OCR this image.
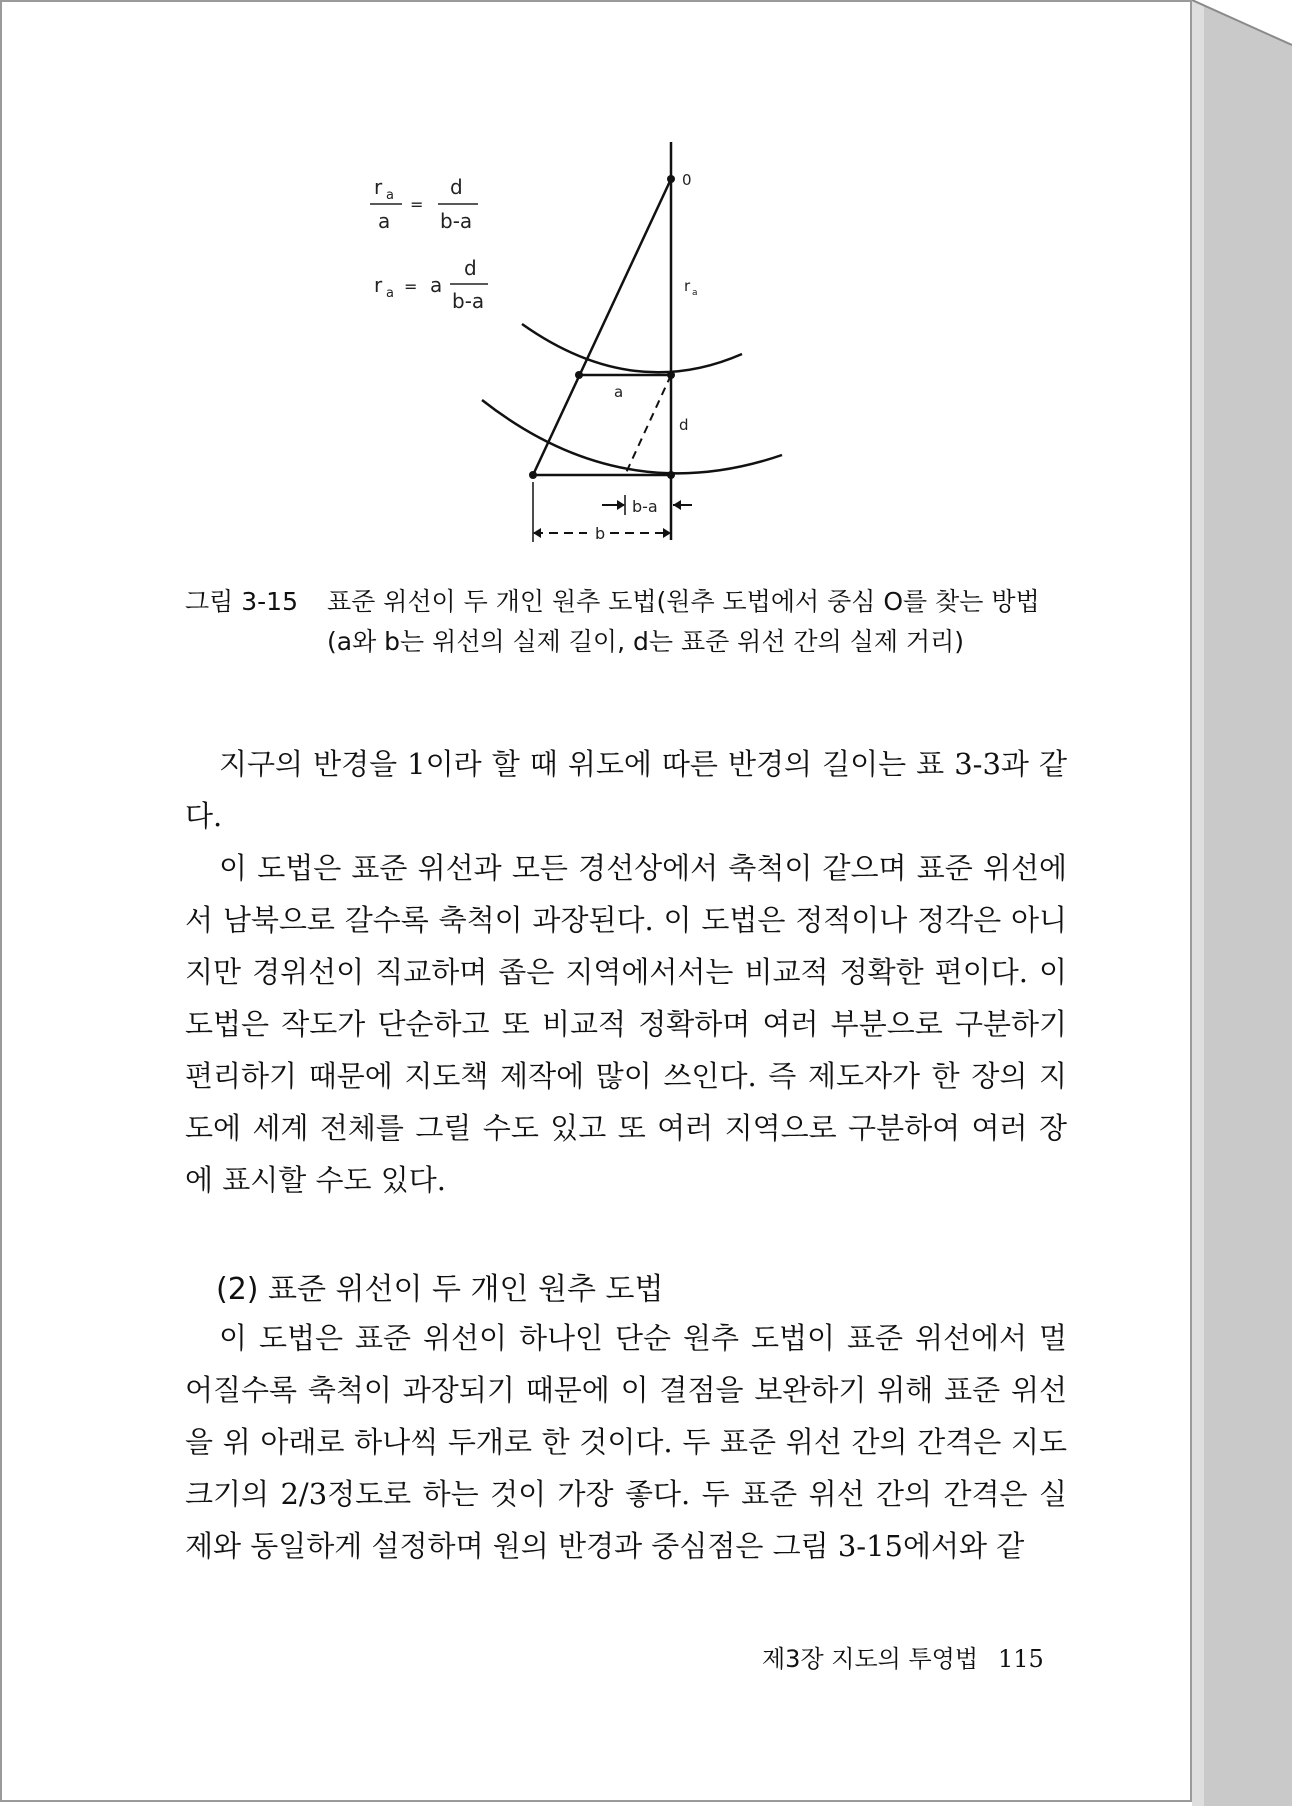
r a
a
=
d
b-a
r a = a
d
b-a
b-a
b
0
r a
a
d
그림 3-15 표준 위선이 두 개인 원추 도법(원추 도법에서 중심 O를 찾는 방법
(a와 b는 위선의 실제 길이, d는 표준 위선 간의 실제 거리)

지구의 반경을 1이라 할 때 위도에 따른 반경의 길이는 표 3-3과 같다.

이 도법은 표준 위선과 모든 경선상에서 축척이 같으며 표준 위선에서 남북으로 갈수록 축척이 과장된다. 이 도법은 정적이나 정각은 아니지만 경위선이 직교하며 좁은 지역에서서는 비교적 정확한 편이다. 이 도법은 작도가 단순하고 또 비교적 정확하며 여러 부분으로 구분하기 편리하기 때문에 지도책 제작에 많이 쓰인다. 즉 제도자가 한 장의 지도에 세계 전체를 그릴 수도 있고 또 여러 지역으로 구분하여 여러 장에 표시할 수도 있다.

(2) 표준 위선이 두 개인 원추 도법

이 도법은 표준 위선이 하나인 단순 원추 도법이 표준 위선에서 멀어질수록 축척이 과장되기 때문에 이 결점을 보완하기 위해 표준 위선을 위 아래로 하나씩 두개로 한 것이다. 두 표준 위선 간의 간격은 지도 크기의 2/3정도로 하는 것이 가장 좋다. 두 표준 위선 간의 간격은 실제와 동일하게 설정하며 원의 반경과 중심점은 그림 3-15에서와 같

제3장 지도의 투영법 115
